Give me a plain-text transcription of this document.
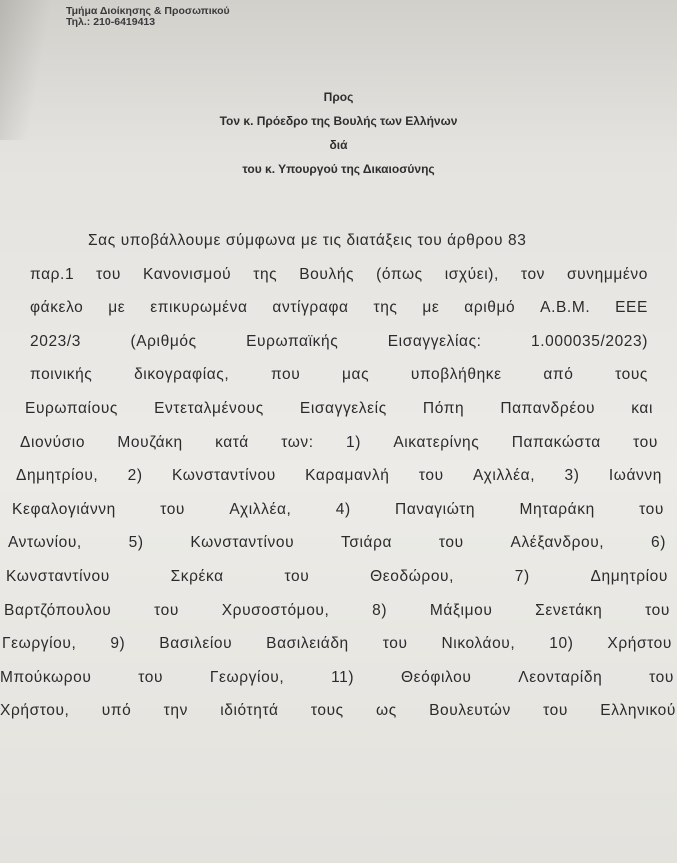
Τμήμα Διοίκησης & Προσωπικού
Τηλ.: 210-6419413
Προς
Τον κ. Πρόεδρο της Βουλής των Ελλήνων
διά
του κ. Υπουργού της Δικαιοσύνης
Σας υποβάλλουμε σύμφωνα με τις διατάξεις του άρθρου 83
παρ.1 του Κανονισμού της Βουλής (όπως ισχύει), τον συνημμένο
φάκελο με επικυρωμένα αντίγραφα της με αριθμό Α.Β.Μ. ΕΕΕ
2023/3	(Αριθμός	Ευρωπαϊκής	Εισαγγελίας:	1.000035/2023)
ποινικής	δικογραφίας,	που	μας	υποβλήθηκε	από	τους
Ευρωπαίους Εντεταλμένους Εισαγγελείς Πόπη Παπανδρέου και
Διονύσιο Μουζάκη κατά των: 1) Αικατερίνης Παπακώστα του
Δημητρίου, 2) Κωνσταντίνου Καραμανλή του Αχιλλέα, 3) Ιωάννη
Κεφαλογιάννη	του	Αχιλλέα,	4)	Παναγιώτη	Μηταράκη	του
Αντωνίου,	5)	Κωνσταντίνου	Τσιάρα	του	Αλέξανδρου,	6)
Κωνσταντίνου	Σκρέκα	του	Θεοδώρου,	7)	Δημητρίου
Βαρτζόπουλου	του	Χρυσοστόμου,	8)	Μάξιμου	Σενετάκη	του
Γεωργίου, 9) Βασιλείου Βασιλειάδη του Νικολάου, 10) Χρήστου
Μπούκωρου	του	Γεωργίου,	11)	Θεόφιλου	Λεονταρίδη	του
Χρήστου, υπό την ιδιότητά τους ως Βουλευτών του Ελληνικού
